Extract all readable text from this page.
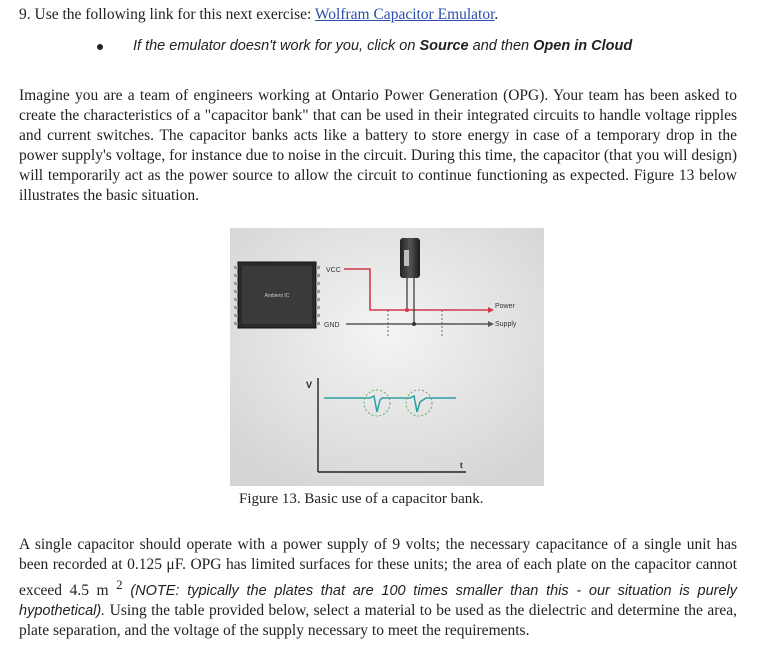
9. Use the following link for this next exercise: Wolfram Capacitor Emulator.
If the emulator doesn't work for you, click on Source and then Open in Cloud
Imagine you are a team of engineers working at Ontario Power Generation (OPG). Your team has been asked to create the characteristics of a "capacitor bank" that can be used in their integrated circuits to handle voltage ripples and current switches. The capacitor banks acts like a battery to store energy in case of a temporary drop in the power supply's voltage, for instance due to noise in the circuit. During this time, the capacitor (that you will design) will temporarily act as the power source to allow the circuit to continue functioning as expected. Figure 13 below illustrates the basic situation.
Ambient IC
VCC
GND
Power
Supply
V
t
Figure 13. Basic use of a capacitor bank.
A single capacitor should operate with a power supply of 9 volts; the necessary capacitance of a single unit has been recorded at 0.125 μF. OPG has limited surfaces for these units; the area of each plate on the capacitor cannot exceed 4.5 m $^2$ (NOTE: typically the plates that are 100 times smaller than this - our situation is purely hypothetical). Using the table provided below, select a material to be used as the dielectric and determine the area, plate separation, and the voltage of the supply necessary to meet the requirements.
